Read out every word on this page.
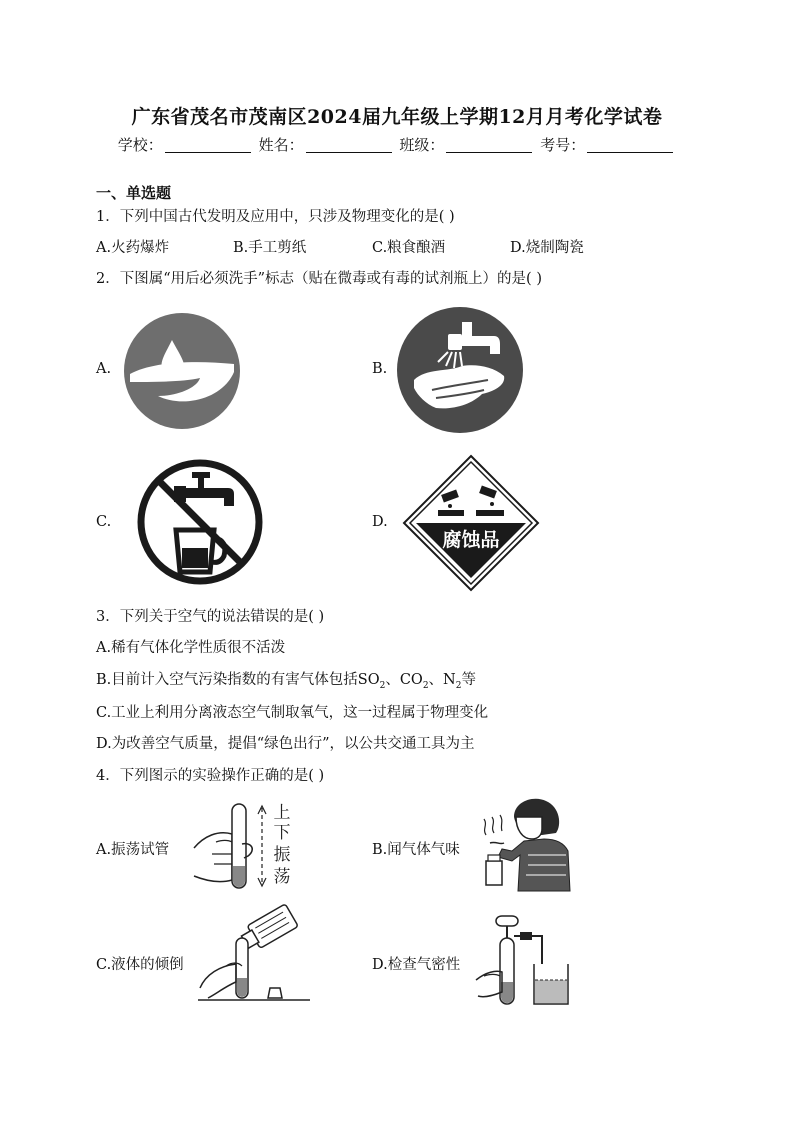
广东省茂名市茂南区2024届九年级上学期12月月考化学试卷
学校：	姓名：	班级：	考号：
一、单选题
1．下列中国古代发明及应用中，只涉及物理变化的是( )
A.火药爆炸	B.手工剪纸	C.粮食酿酒	D.烧制陶瓷
2．下图属“用后必须洗手”标志（贴在微毒或有毒的试剂瓶上）的是( )
A.	B.
C.	D.
腐蚀品
3．下列关于空气的说法错误的是( )
A.稀有气体化学性质很不活泼
B.目前计入空气污染指数的有害气体包括$SO_2$、$CO_2$、$N_2$等
C.工业上利用分离液态空气制取氧气，这一过程属于物理变化
D.为改善空气质量，提倡“绿色出行”，以公共交通工具为主
4．下列图示的实验操作正确的是( )
A.振荡试管
上
下
振
荡
B.闻气体气味
C.液体的倾倒	D.检查气密性
